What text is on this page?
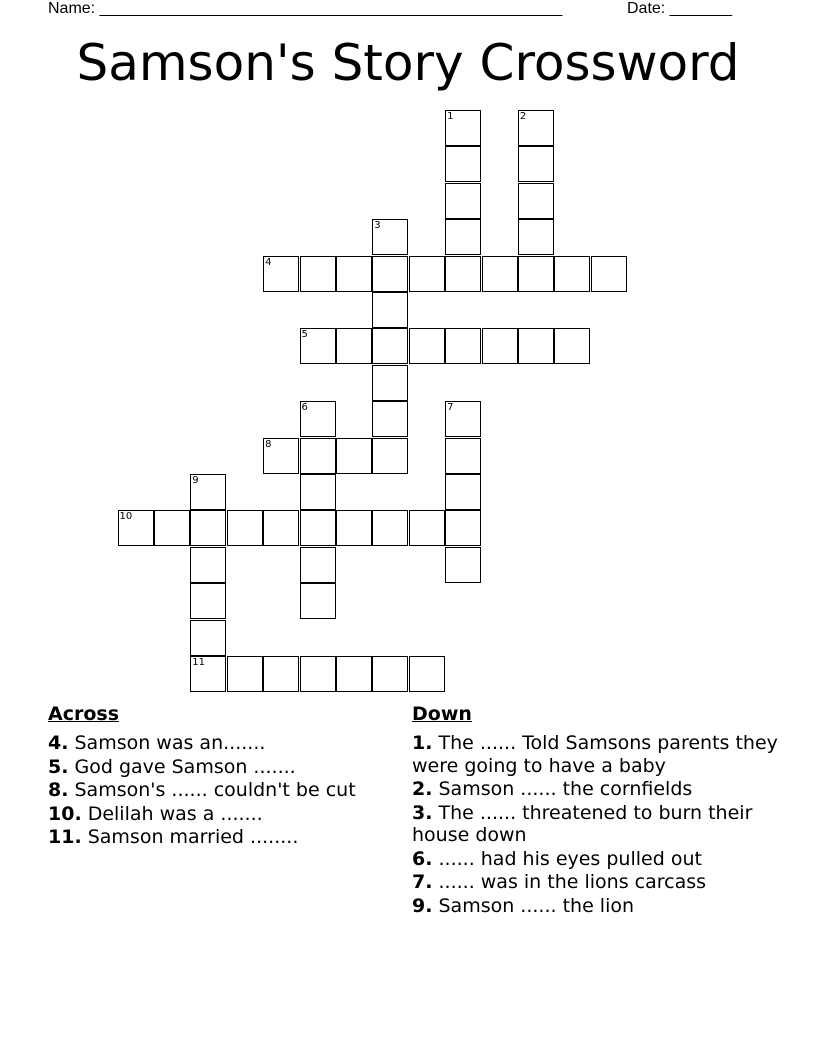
Name: ____________________________________________________	Date: _______
Samson's Story Crossword
1	2
3
4
5
6	7
8
9
10
11
Across
4. Samson was an.......
5. God gave Samson .......
8. Samson's ...... couldn't be cut
10. Delilah was a .......
11. Samson married ........
Down
1. The ...... Told Samsons parents they were going to have a baby
2. Samson ...... the cornfields
3. The ...... threatened to burn their house down
6. ...... had his eyes pulled out
7. ...... was in the lions carcass
9. Samson ...... the lion
